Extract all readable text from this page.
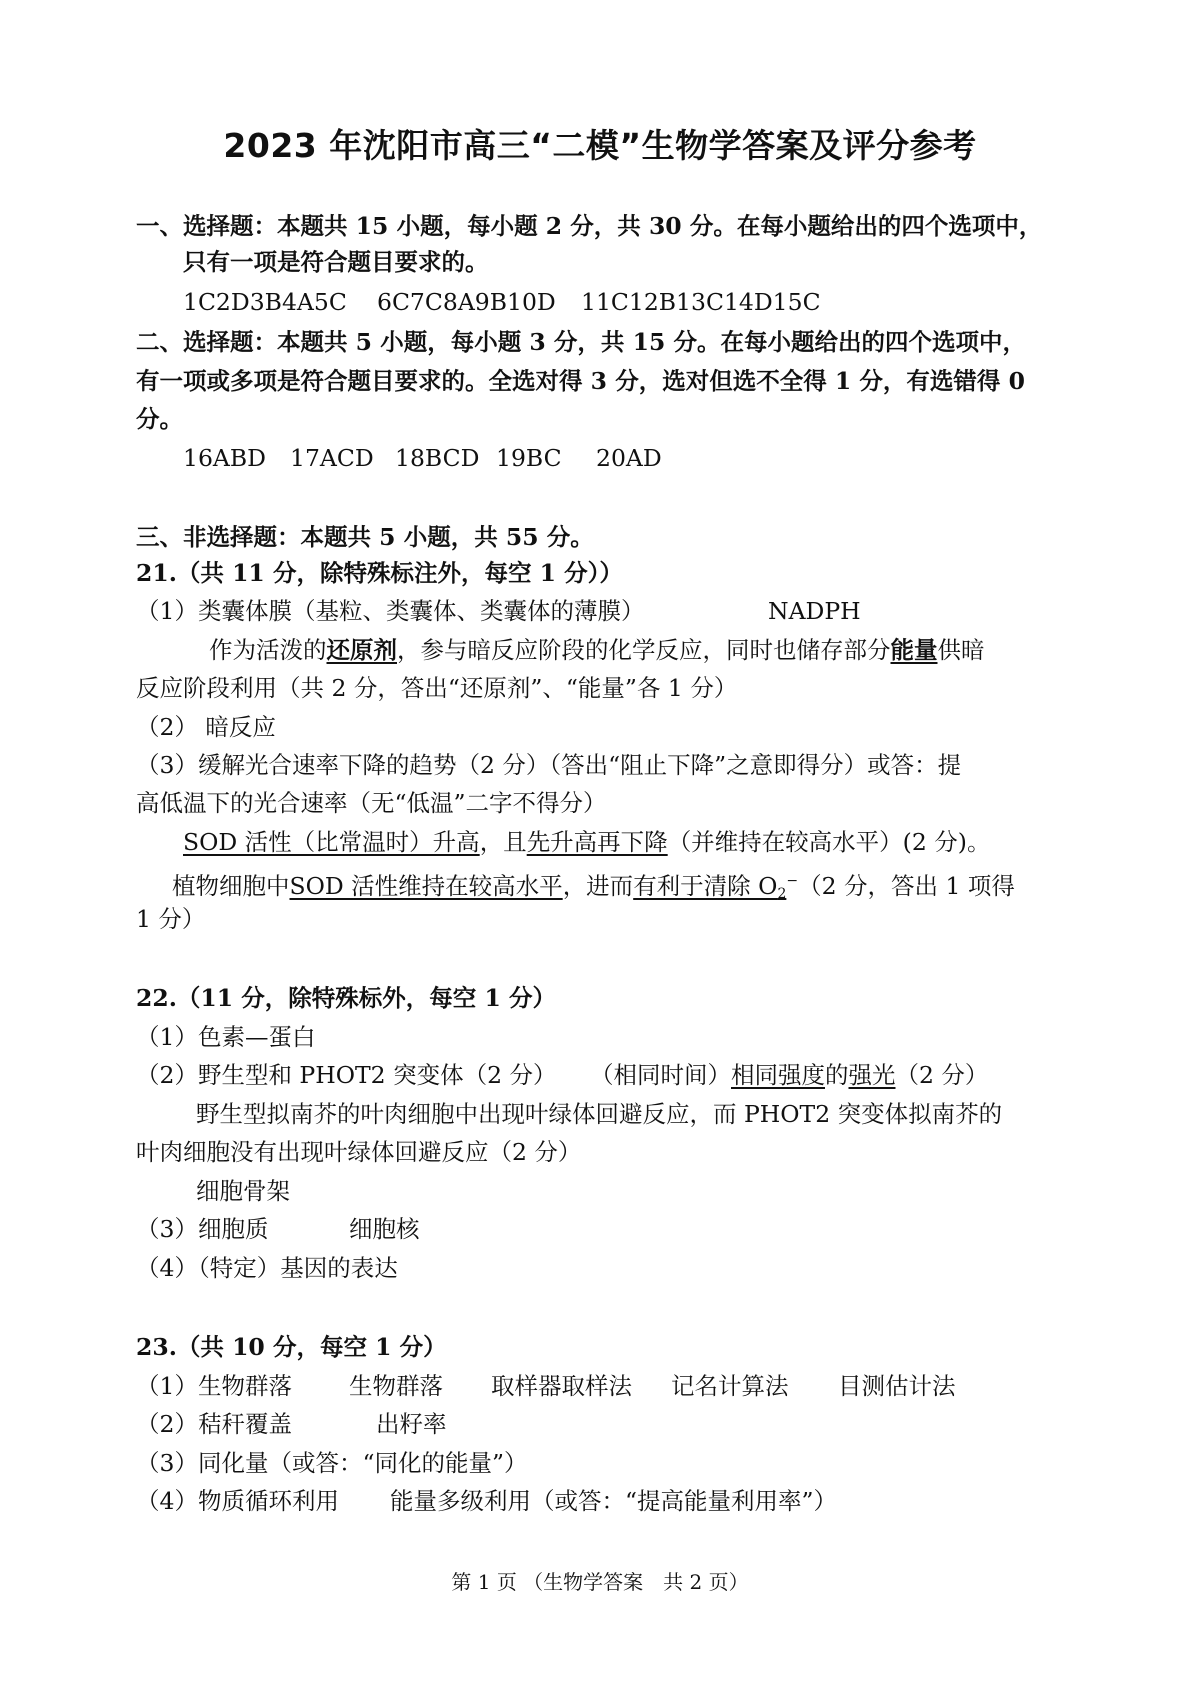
2023 年沈阳市高三“二模”生物学答案及评分参考
一、选择题：本题共 15 小题，每小题 2 分，共 30 分。在每小题给出的四个选项中，
只有一项是符合题目要求的。
1C2D3B4A5C 6C7C8A9B10D 11C12B13C14D15C
二、选择题：本题共 5 小题，每小题 3 分，共 15 分。在每小题给出的四个选项中，
有一项或多项是符合题目要求的。全选对得 3 分，选对但选不全得 1 分，有选错得 0
分。
16ABD 17ACD 18BCD 19BC 20AD
三、非选择题：本题共 5 小题，共 55 分。
21.（共 11 分，除特殊标注外，每空 1 分））
（1）类囊体膜（基粒、类囊体、类囊体的薄膜）	NADPH
作为活泼的还原剂，参与暗反应阶段的化学反应，同时也储存部分能量供暗
反应阶段利用（共 2 分，答出“还原剂”、“能量”各 1 分）
（2） 暗反应
（3）缓解光合速率下降的趋势（2 分）（答出“阻止下降”之意即得分）或答：提
高低温下的光合速率（无“低温”二字不得分）
SOD 活性（比常温时）升高，且先升高再下降（并维持在较高水平）(2 分)。
植物细胞中SOD 活性维持在较高水平，进而有利于清除 $O_2^-(2$ 分，答出 1 项得
1 分）
22.（11 分，除特殊标外，每空 1 分）
（1）色素—蛋白
（2）野生型和 PHOT2 突变体（2 分） （相同时间）相同强度的强光（2 分）
野生型拟南芥的叶肉细胞中出现叶绿体回避反应，而 PHOT2 突变体拟南芥的
叶肉细胞没有出现叶绿体回避反应（2 分）
细胞骨架
（3）细胞质	细胞核
（4）（特定）基因的表达
23.（共 10 分，每空 1 分）
（1）生物群落 生物群落 取样器取样法 记名计算法 目测估计法
（2）秸秆覆盖	出籽率
（3）同化量（或答：“同化的能量”）
（4）物质循环利用 能量多级利用（或答：“提高能量利用率”）
第 1 页 （生物学答案　共 2 页）
